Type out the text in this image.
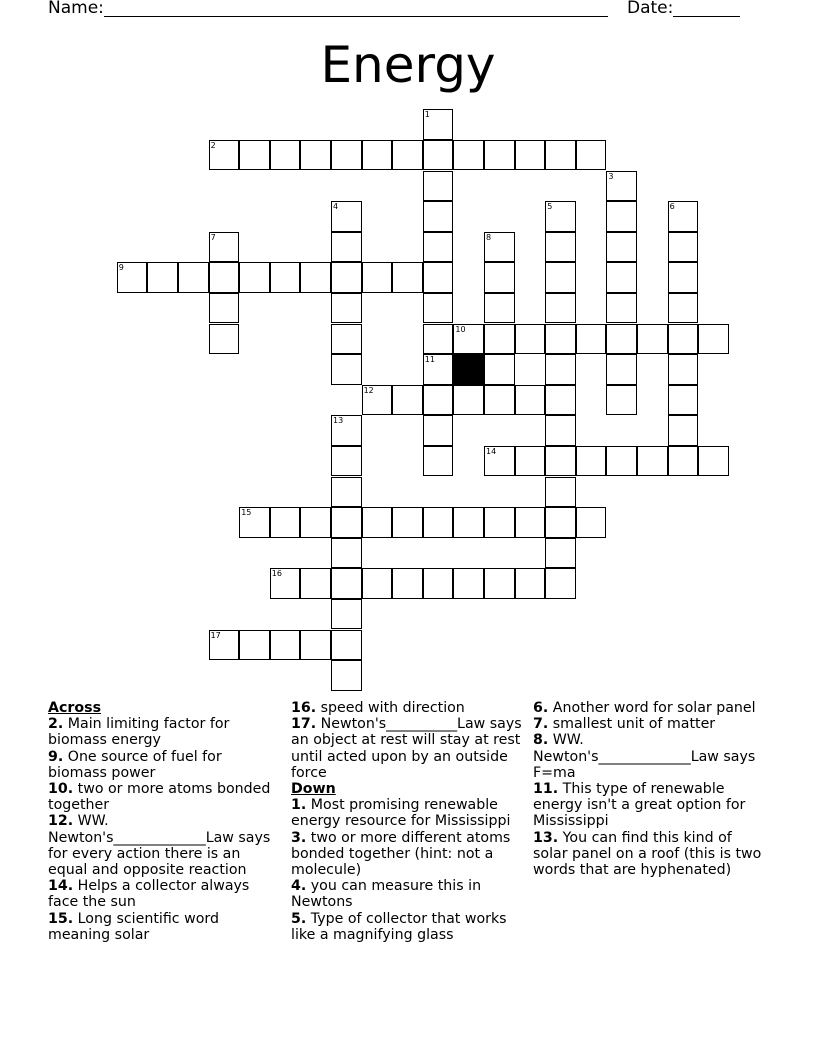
Name:	Date:
Energy
2
9
10
12
14
15
16
17
1
11
3
4	5	6
7	8
13
Across
2. Main limiting factor for biomass energy
9. One source of fuel for biomass power
10. two or more atoms bonded together
12. WW. Newton's_____________Law says for every action there is an equal and opposite reaction
14. Helps a collector always face the sun
15. Long scientific word meaning solar
16. speed with direction
17. Newton's__________Law says an object at rest will stay at rest until acted upon by an outside force
Down
1. Most promising renewable energy resource for Mississippi
3. two or more different atoms bonded together (hint: not a molecule)
4. you can measure this in Newtons
5. Type of collector that works like a magnifying glass
6. Another word for solar panel
7. smallest unit of matter
8. WW. Newton's_____________Law says F=ma
11. This type of renewable energy isn't a great option for Mississippi
13. You can find this kind of solar panel on a roof (this is two words that are hyphenated)
